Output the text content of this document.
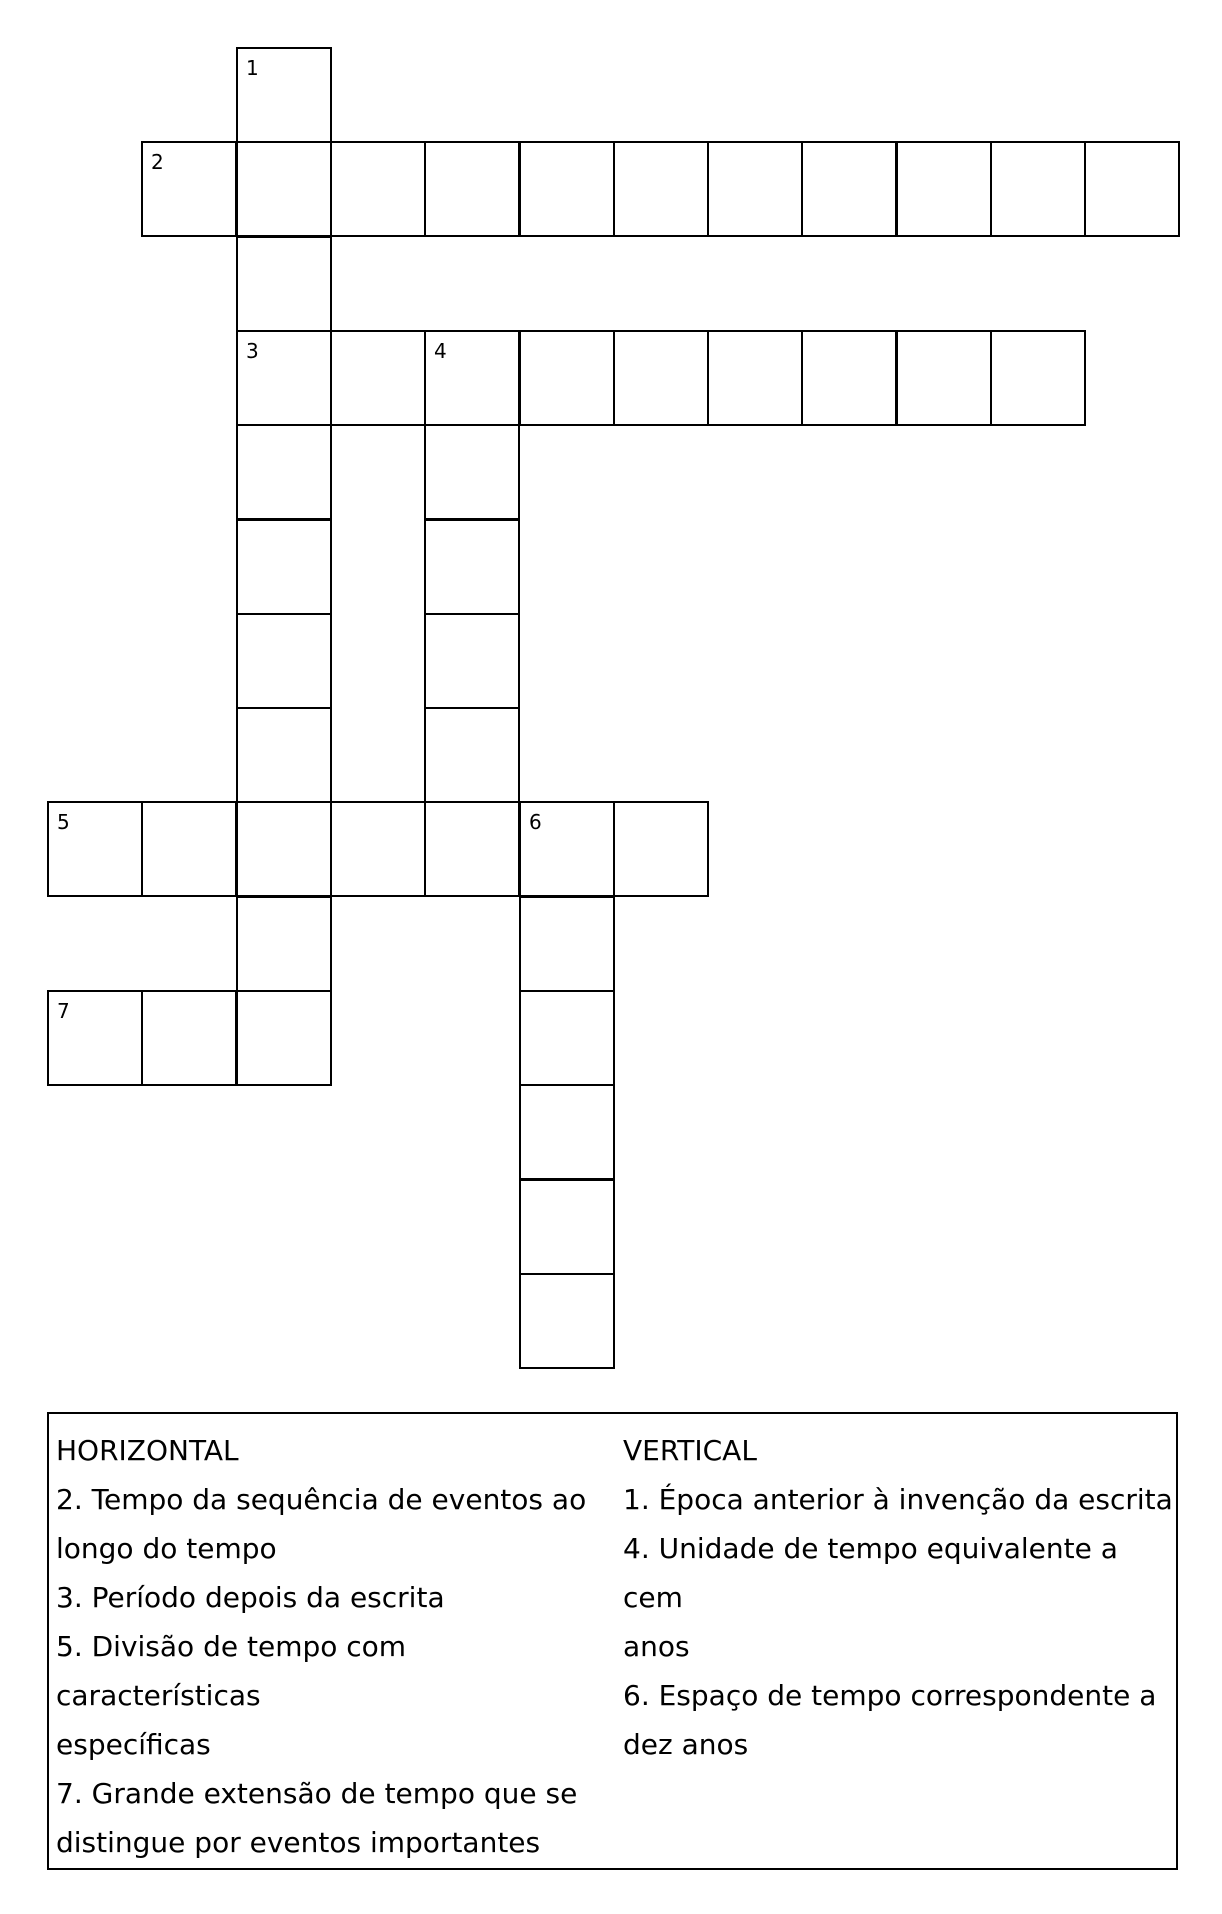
1
2
3	4
5	6
7
HORIZONTAL
2. Tempo da sequência de eventos ao
longo do tempo
3. Período depois da escrita
5. Divisão de tempo com características
específicas
7. Grande extensão de tempo que se
distingue por eventos importantes
VERTICAL
1. Época anterior à invenção da escrita
4. Unidade de tempo equivalente a cem
anos
6. Espaço de tempo correspondente a
dez anos
